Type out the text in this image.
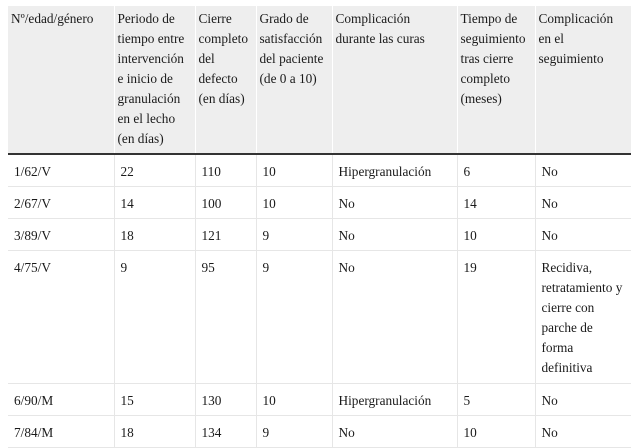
Nº/edad/género	Periodo de tiempo entre intervención e inicio de granulación en el lecho (en días)	Cierre completo del defecto (en días)	Grado de satisfacción del paciente (de 0 a 10)	Complicación durante las curas	Tiempo de seguimiento tras cierre completo (meses)	Complicación en el seguimiento
1/62/V	22	110	10	Hipergranulación	6	No
2/67/V	14	100	10	No	14	No
3/89/V	18	121	9	No	10	No
4/75/V	9	95	9	No	19	Recidiva, retratamiento y cierre con parche de forma definitiva
6/90/M	15	130	10	Hipergranulación	5	No
7/84/M	18	134	9	No	10	No
